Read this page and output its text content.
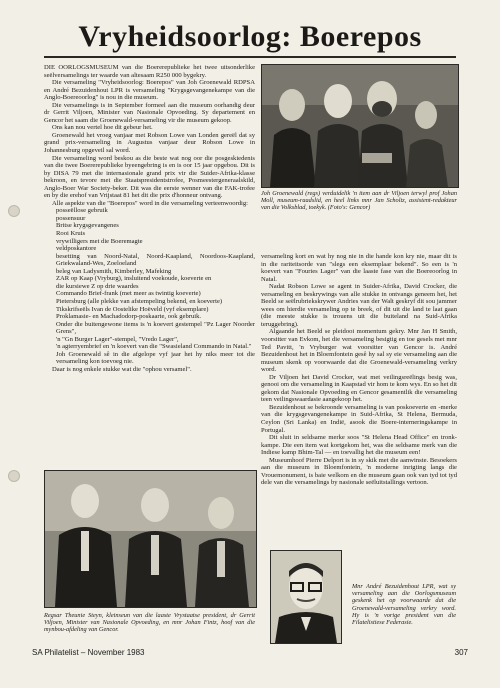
Vryheidsoorlog: Boerepos

DIE OORLOGSMUSEUM van die Boererepublieke het twee uitsonderlike seëlversamelings ter waarde van altesaam R250 000 bygekry.

Die versameling "Vryheidsoorlog: Boerepos" van Joh Groenewald RDPSA en André Bezuidenhout LPR is versameling "Krygsgevangenekampe van die Anglo-Boereoorlog" is nou in die museum.

Die versamelings is in September formeel aan die museum oorhandig deur dr Gerrit Viljoen, Minister van Nasionale Opvoeding. Sy departement en Gencor het saam die Groenewald-versameling vir die museum gekoop.

Ons kan nou vertel hoe dit gebeur het.

Groenewald het vroeg vanjaar met Robson Lowe van Londen gereël dat sy grand prix-versameling in Augustus vanjaar deur Robson Lowe in Johannesburg opgeveil sal word.

Die versameling word beskou as die beste wat nog oor die posgeskiedenis van die twee Boererepublieke byeengebring is en is oor 15 jaar opgebou. Dit is by DISA 79 met die internasionale grand prix vir die Suider-Afrika-klasse bekroon, en tevore met die Staatspresidentstrofee, Posmeestergeneraalskild, Anglo-Boer War Society-beker. Dit was die eerste wenner van die FAK-trofee en by die erehof van Vrijstaat 81 het dit die prix d'honneur ontvang.

Alle aspekte van die "Boerepos" word in die versameling verteenwoordig:

posseëllose gebruik
possensuur
Britse krygsgevangenes
Rooi Kruis
vrywilligers met die Boeremagte
veldposkantore
besetting van Noord-Natal, Noord-Kaapland, Noordoos-Kaapland, Griekwaland-Wes, Zoeloeland
beleg van Ladysmith, Kimberley, Mafeking
ZAR op Kaap (Vryburg), insluitend voekoude, koeverte en
die kursiewe Z op drie waardes
Commando Brief-frank (met meer as twintig koeverte)
Pietersburg (alle plekke van afstempeling bekend, en koeverte)
Tikskrifseëls Ivan de Oostelike Hoëveld (vyf eksemplare)
Proklamasie- en Machadodorp-poskaarte, ook gebruik.
Onder die buitengewone items is 'n koevert gestempel "Pz Lager Noorder Grens",
'n "Gn Burger Lager"-stempel, "Vredo Lager",
'n agterryembrief en 'n koevert van die "Swasieland Commando in Natal."
Joh Groenewald sê in die afgelope vyf jaar het hy niks meer tot die versameling kon toevoeg nie.

Daar is nog enkele stukke wat die "ophou versamel".

Joh Groenewald (regs) verduidelik 'n item aan dr Viljoen terwyl prof Johan Moll, museum-raadslid, en heel links mnr Jan Scholtz, assistent-redakteur van die Volksblad, toekyk. (Foto's: Gencor)

versameling kort en wat hy nog nie in die hande kon kry nie, maar dit is in die rariteitsorde van "slegs een eksemplaar bekend". So een is 'n koevert van "Fouries Lager" van die laaste fase van die Boereoorlog in Natal.

Nadat Robson Lowe se agent in Suider-Afrika, David Crocker, die versameling en beskrywings van alle stukke in ontvangs geneem het, het Beeld se seëlrubriekskrywer Andries van der Walt geskryf dit sou jammer wees om hierdie versameling op te breek, of dit uit die land te laat gaan (die meeste stukke is trouens uit die buiteland na Suid-Afrika teruggebring).

Algaande het Beeld se pleidooi momentum gekry. Mnr Jan H Smith, voorsitter van Evkom, het die versameling besigtig en toe gesels met mnr Ted Pavitt, 'n Vryburger wat voorsitter van Gencor is. André Bezuidenhout het in Bloemfontein gesê hy sal sy eie versameling aan die museum skenk op voorwaarde dat die Groenewald-versameling verkry word.

Dr Viljoen het David Crocker, wat met veilingsreëlings besig was, genooi om die versameling in Kaapstad vir hom te kom wys. En so het dit gekom dat Nasionale Opvoeding en Gencor gesamentlik die versameling teen veilingswaardasie aangekoop het.

Bezuidenhout se bekroonde versameling is van poskoeverte en -merke van die krygsgevangenekampe in Suid-Afrika, St Helena, Bermuda, Ceylon (Sri Lanka) en Indië, asook die Boere-interneringskampe in Portugal.

Dit sluit in seldsame merke soos "St Helena Head Office" en tronk-kampe. Die een item wat kortgekom het, was die seldsame merk van die Indiese kamp Bhim-Tal — en toevallig het die museum een!

Museumhoof Pierre Delport is in sy skik met die aanwinste. Besoekers aan die museum in Bloemfontein, 'n moderne inrigting langs die Vrouemonument, is baie welkom en die museum gaan ook van tyd tot tyd dele van die versamelings by nasionale seëluitstallings vertoon.

Regsar Theunie Steyn, kleinseun van die laaste Vrystaatse president, dr Gerrit Viljoen, Minister van Nasionale Opvoeding, en mnr Johan Fintz, hoof van die mynbou-afdeling van Gencor.
Mnr André Bezuidenhout LPR, wat sy versameling aan die Oorlogsmuseum geskenk het op voorwaarde dat die Groenewald-versameling verkry word. Hy is 'n vorige president van die Filatelistiese Federasie.
SA Philatelist – November 1983	307
